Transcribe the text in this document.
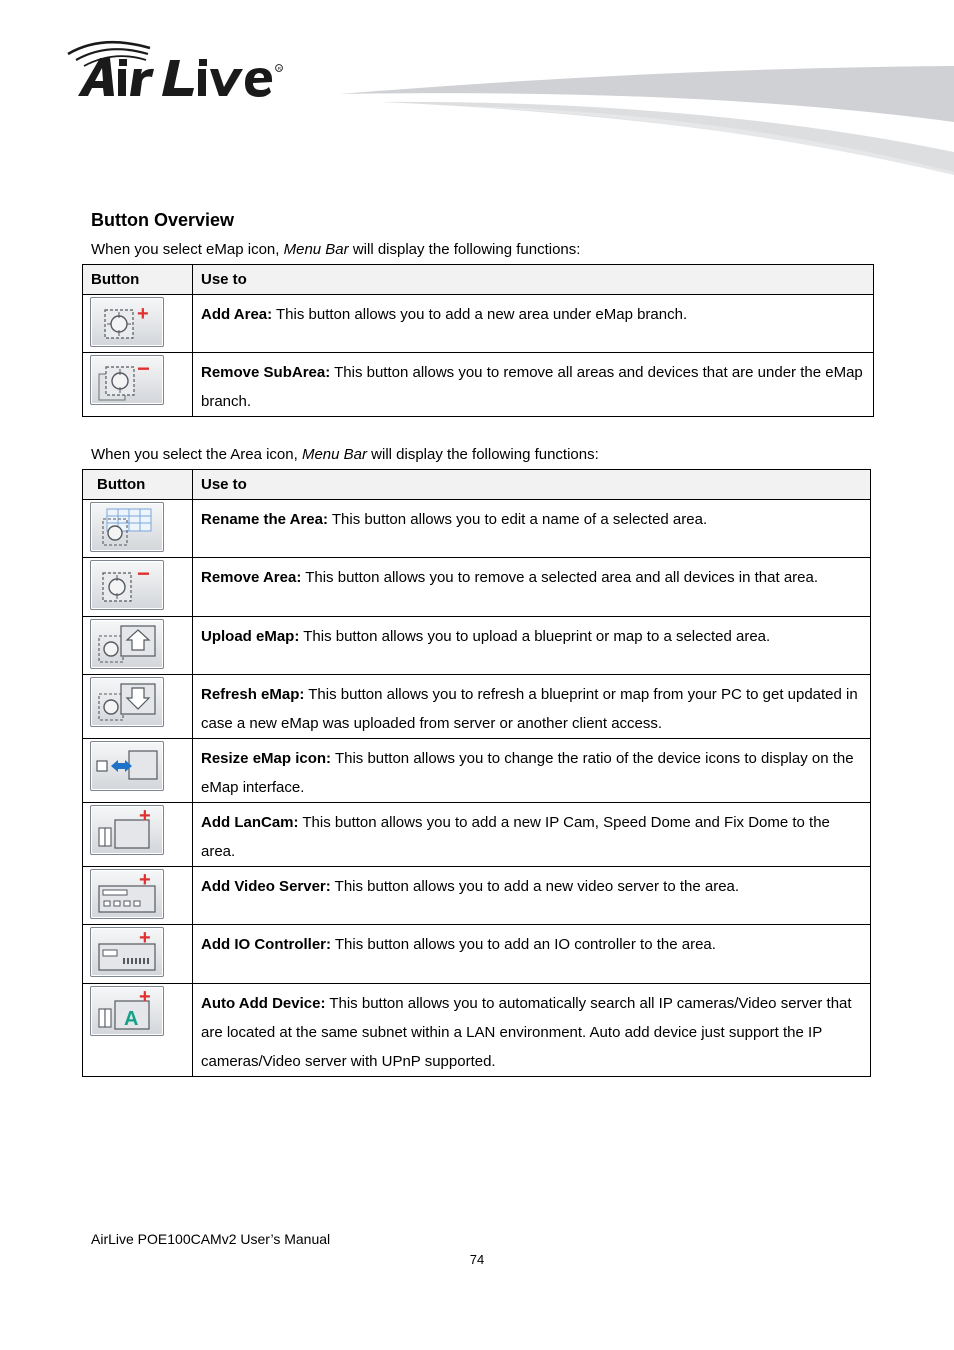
R
Button Overview
When you select eMap icon, Menu Bar will display the following functions:
Button	Use to

+	Add Area: This button allows you to add a new area under eMap branch.

−	Remove SubArea: This button allows you to remove all areas and devices that are under the eMap branch.
When you select the Area icon, Menu Bar will display the following functions:
Button	Use to

	Rename the Area: This button allows you to edit a name of a selected area.

−	Remove Area: This button allows you to remove a selected area and all devices in that area.

	Upload eMap: This button allows you to upload a blueprint or map to a selected area.

	Refresh eMap: This button allows you to refresh a blueprint or map from your PC to get updated in case a new eMap was uploaded from server or another client access.

	Resize eMap icon: This button allows you to change the ratio of the device icons to display on the eMap interface.

+	Add LanCam: This button allows you to add a new IP Cam, Speed Dome and Fix Dome to the area.

+	Add Video Server: This button allows you to add a new video server to the area.

+	Add IO Controller: This button allows you to add an IO controller to the area.

A
+	Auto Add Device: This button allows you to automatically search all IP cameras/Video server that are located at the same subnet within a LAN environment. Auto add device just support the IP cameras/Video server with UPnP supported.
AirLive POE100CAMv2 User’s Manual
74
